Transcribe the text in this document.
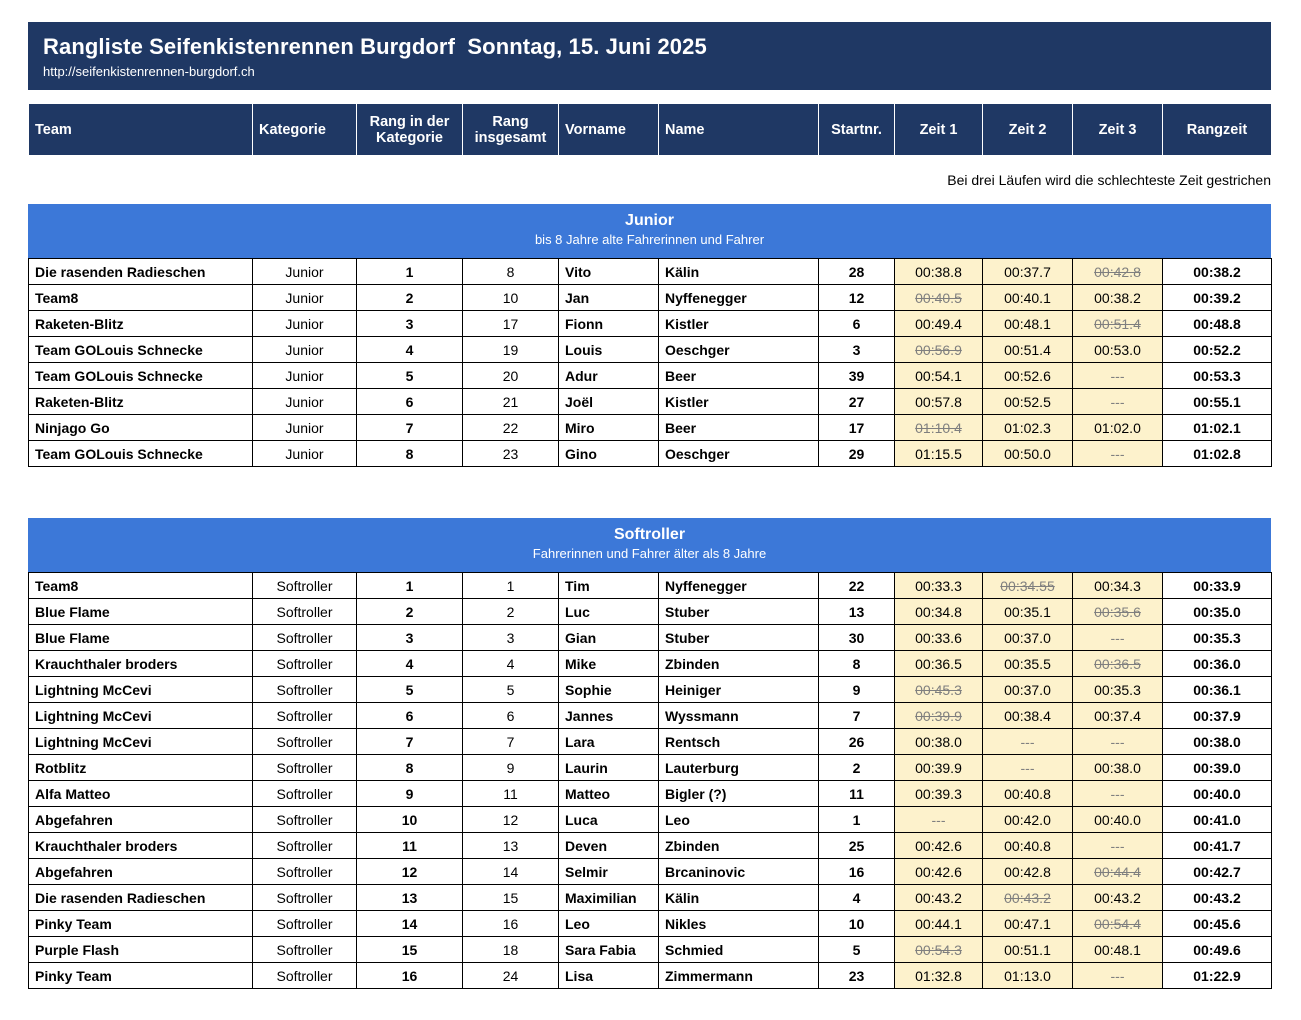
Rangliste Seifenkistenrennen Burgdorf  Sonntag, 15. Juni 2025
http://seifenkistenrennen-burgdorf.ch
Team	Kategorie	Rang in der Kategorie	Rang insgesamt	Vorname	Name	Startnr.	Zeit 1	Zeit 2	Zeit 3	Rangzeit
Bei drei Läufen wird die schlechteste Zeit gestrichen
Junior
bis 8 Jahre alte Fahrerinnen und Fahrer
Die rasenden Radieschen	Junior	1	8	Vito	Kälin	28	00:38.8	00:37.7	00:42.8	00:38.2
Team8	Junior	2	10	Jan	Nyffenegger	12	00:40.5	00:40.1	00:38.2	00:39.2
Raketen-Blitz	Junior	3	17	Fionn	Kistler	6	00:49.4	00:48.1	00:51.4	00:48.8
Team GOLouis Schnecke	Junior	4	19	Louis	Oeschger	3	00:56.9	00:51.4	00:53.0	00:52.2
Team GOLouis Schnecke	Junior	5	20	Adur	Beer	39	00:54.1	00:52.6	---	00:53.3
Raketen-Blitz	Junior	6	21	Joël	Kistler	27	00:57.8	00:52.5	---	00:55.1
Ninjago Go	Junior	7	22	Miro	Beer	17	01:10.4	01:02.3	01:02.0	01:02.1
Team GOLouis Schnecke	Junior	8	23	Gino	Oeschger	29	01:15.5	00:50.0	---	01:02.8
Softroller
Fahrerinnen und Fahrer älter als 8 Jahre
Team8	Softroller	1	1	Tim	Nyffenegger	22	00:33.3	00:34.55	00:34.3	00:33.9
Blue Flame	Softroller	2	2	Luc	Stuber	13	00:34.8	00:35.1	00:35.6	00:35.0
Blue Flame	Softroller	3	3	Gian	Stuber	30	00:33.6	00:37.0	---	00:35.3
Krauchthaler broders	Softroller	4	4	Mike	Zbinden	8	00:36.5	00:35.5	00:36.5	00:36.0
Lightning McCevi	Softroller	5	5	Sophie	Heiniger	9	00:45.3	00:37.0	00:35.3	00:36.1
Lightning McCevi	Softroller	6	6	Jannes	Wyssmann	7	00:39.9	00:38.4	00:37.4	00:37.9
Lightning McCevi	Softroller	7	7	Lara	Rentsch	26	00:38.0	---	---	00:38.0
Rotblitz	Softroller	8	9	Laurin	Lauterburg	2	00:39.9	---	00:38.0	00:39.0
Alfa Matteo	Softroller	9	11	Matteo	Bigler (?)	11	00:39.3	00:40.8	---	00:40.0
Abgefahren	Softroller	10	12	Luca	Leo	1	---	00:42.0	00:40.0	00:41.0
Krauchthaler broders	Softroller	11	13	Deven	Zbinden	25	00:42.6	00:40.8	---	00:41.7
Abgefahren	Softroller	12	14	Selmir	Brcaninovic	16	00:42.6	00:42.8	00:44.4	00:42.7
Die rasenden Radieschen	Softroller	13	15	Maximilian	Kälin	4	00:43.2	00:43.2	00:43.2	00:43.2
Pinky Team	Softroller	14	16	Leo	Nikles	10	00:44.1	00:47.1	00:54.4	00:45.6
Purple Flash	Softroller	15	18	Sara Fabia	Schmied	5	00:54.3	00:51.1	00:48.1	00:49.6
Pinky Team	Softroller	16	24	Lisa	Zimmermann	23	01:32.8	01:13.0	---	01:22.9
